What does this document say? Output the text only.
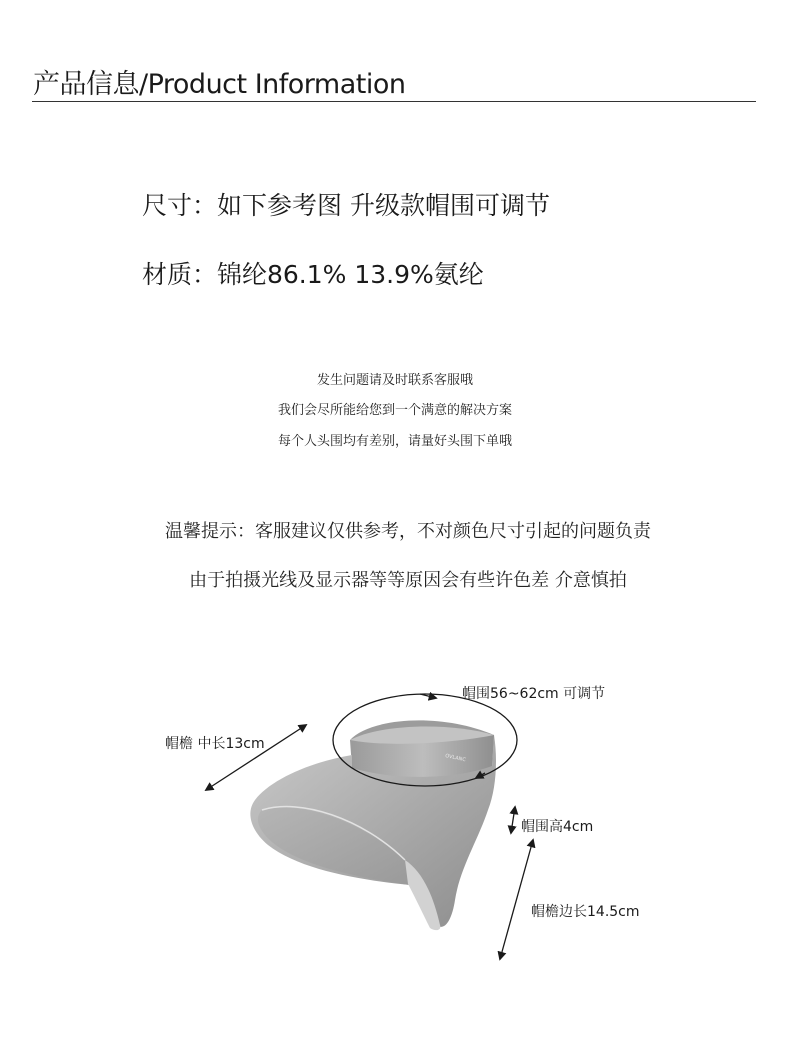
产品信息/Product Information
尺寸：如下参考图 升级款帽围可调节
材质：锦纶86.1% 13.9%氨纶
发生问题请及时联系客服哦
我们会尽所能给您到一个满意的解决方案
每个人头围均有差别，请量好头围下单哦
温馨提示：客服建议仅供参考，不对颜色尺寸引起的问题负责
由于拍摄光线及显示器等等原因会有些许色差 介意慎拍
OVLANC
帽围56~62cm 可调节
帽檐 中长13cm
帽围高4cm
帽檐边长14.5cm
